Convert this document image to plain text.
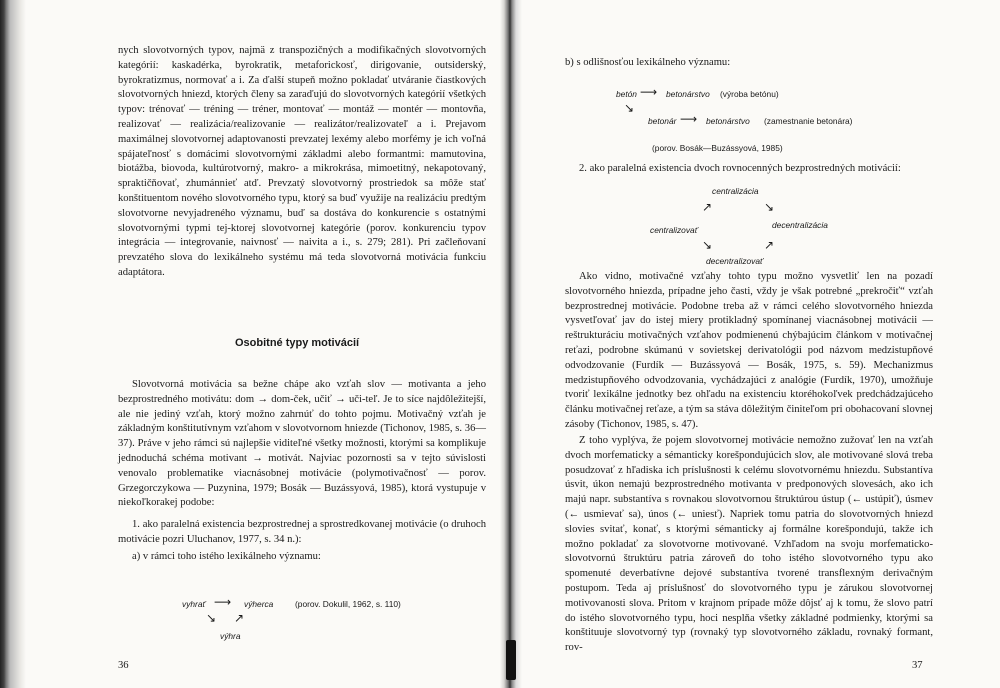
nych slovotvorných typov, najmä z transpozičných a modifikačných slovotvorných kategórií: kaskadérka, byrokratik, metaforickosť, dirigovanie, outsiderský, byrokratizmus, normovať a i. Za ďalší stupeň možno pokladať utváranie čiastkových slovotvorných hniezd, ktorých členy sa zaraďujú do slovotvorných kategórií všetkých typov: trénovať — tréning — tréner, montovať — montáž — montér — montovňa, realizovať — realizácia/realizovanie — realizátor/realizovateľ a i. Prejavom maximálnej slovotvornej adaptovanosti prevzatej lexémy alebo morfémy je ich voľná spájateľnosť s domácimi slovotvornými základmi alebo formantmi: mamutovina, biotážba, biovoda, kultúrotvorný, makro- a mikrokrása, mimoetitný, nekapotovaný, spraktičňovať, zhumánnieť atď. Prevzatý slovotvorný prostriedok sa môže stať konštituentom nového slovotvorného typu, ktorý sa buď využije na realizáciu predtým slovotvorne nevyjadreného významu, buď sa dostáva do konkurencie s ostatnými slovotvornými typmi tej-ktorej slovotvornej kategórie (porov. konkurenciu typov integrácia — integrovanie, naivnosť — naivita a i., s. 279; 281). Pri začleňovaní prevzatého slova do lexikálneho systému má teda slovotvorná motivácia funkciu adaptátora.

Osobitné typy motivácií

Slovotvorná motivácia sa bežne chápe ako vzťah slov — motivanta a jeho bezprostredného motivátu: dom → dom-ček, učiť → uči-teľ. Je to síce najdôležitejší, ale nie jediný vzťah, ktorý možno zahrnúť do tohto pojmu. Motivačný vzťah je základným konštitutívnym vzťahom v slovotvornom hniezde (Tichonov, 1985, s. 36—37). Práve v jeho rámci sú najlepšie viditeľné všetky možnosti, ktorými sa komplikuje jednoduchá schéma motivant → motivát. Najviac pozornosti sa v tejto súvislosti venovalo problematike viacnásobnej motivácie (polymotivačnosť — porov. Grzegorczykowa — Puzynina, 1979; Bosák — Buzássyová, 1985), ktorá vystupuje v niekoľkorakej podobe:

1. ako paralelná existencia bezprostrednej a sprostredkovanej motivácie (o druhoch motivácie pozri Uluchanov, 1977, s. 34 n.):

a) v rámci toho istého lexikálneho významu:

vyhrať ⟶ výherca	(porov. Dokulil, 1962, s. 110)
↘ ↗
výhra
36

b) s odlišnosťou lexikálneho významu:

betón ⟶ betonárstvo (výroba betónu)
↘
betonár ⟶ betonárstvo (zamestnanie betonára)
(porov. Bosák—Buzássyová, 1985)

2. ako paralelná existencia dvoch rovnocenných bezprostredných motivácií:

centralizácia
↗	↘
centralizovať	decentralizácia
↘	↗
decentralizovať

Ako vidno, motivačné vzťahy tohto typu možno vysvetliť len na pozadí slovotvorného hniezda, prípadne jeho časti, vždy je však potrebné „prekročiť“ vzťah bezprostrednej motivácie. Podobne treba až v rámci celého slovotvorného hniezda vysvetľovať jav do istej miery protikladný spomínanej viacnásobnej motivácii — reštrukturáciu motivačných vzťahov podmienenú chýbajúcim článkom v motivačnej reťazi, podrobne skúmanú v sovietskej derivatológii pod názvom medzistupňové odvodzovanie (Furdík — Buzássyová — Bosák, 1975, s. 59). Mechanizmus medzistupňového odvodzovania, vychádzajúci z analógie (Furdík, 1970), umožňuje tvoriť lexikálne jednotky bez ohľadu na existenciu ktoréhokoľvek predchádzajúceho článku motivačnej reťaze, a tým sa stáva dôležitým činiteľom pri obohacovaní slovnej zásoby (Tichonov, 1985, s. 47).

Z toho vyplýva, že pojem slovotvornej motivácie nemožno zužovať len na vzťah dvoch morfematicky a sémanticky korešpondujúcich slov, ale motivované slová treba posudzovať z hľadiska ich príslušnosti k celému slovotvornému hniezdu. Substantíva úsvit, úkon nemajú bezprostredného motivanta v predponových slovesách, ako ich majú napr. substantíva s rovnakou slovotvornou štruktúrou ústup (← ustúpiť), úsmev (← usmievať sa), únos (← uniesť). Napriek tomu patria do slovotvorných hniezd slovies svitať, konať, s ktorými sémanticky aj formálne korešpondujú, takže ich možno pokladať za slovotvorne motivované. Vzhľadom na svoju morfematicko-slovotvornú štruktúru patria zároveň do toho istého slovotvorného typu ako spomenuté deverbatívne dejové substantíva tvorené transflexným derivačným postupom. Teda aj príslušnosť do slovotvorného typu je zárukou slovotvornej motivovanosti slova. Pritom v krajnom prípade môže dôjsť aj k tomu, že slovo patrí do istého slovotvorného typu, hoci nesplňa všetky základné podmienky, ktorými sa konštituuje slovotvorný typ (rovnaký typ slovotvorného základu, rovnaký formant, rov-

37
